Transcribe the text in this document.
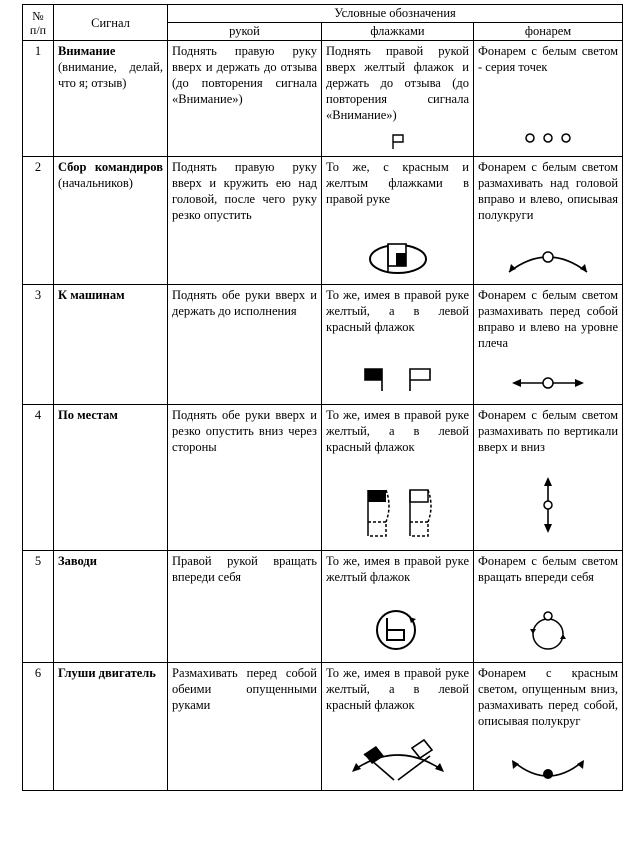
№ п/п	Сигнал	Условные обозначения		
		рукой	флажками	фонарем
1	Внимание (внимание, делай, что я; отзыв)	Поднять правую руку вверх и держать до отзыва (до повторения сигнала «Внимание»)	Поднять правой рукой вверх желтый флажок и держать до отзыва (до повторения сигнала «Внимание»)	Фонарем с белым светом - серия точек

2	Сбор командиров (начальников)	Поднять правую руку вверх и кружить ею над головой, после чего руку резко опустить	То же, с красным и желтым флажками в правой руке	Фонарем с белым светом размахивать над головой вправо и влево, описывая полукруги

3	К машинам	Поднять обе руки вверх и держать до исполнения	То же, имея в правой руке желтый, а в левой красный флажок	Фонарем с белым светом размахивать перед собой вправо и влево на уровне плеча

4	По местам	Поднять обе руки вверх и резко опустить вниз через стороны	То же, имея в правой руке желтый, а в левой красный флажок	Фонарем с белым светом размахивать по вертикали вверх и вниз

5	Заводи	Правой рукой вращать впереди себя	То же, имея в правой руке желтый флажок	Фонарем с белым светом вращать впереди себя

6	Глуши двигатель	Размахивать перед собой обеими опущенными руками	То же, имея в правой руке желтый, а в левой красный флажок	Фонарем с красным светом, опущенным вниз, размахивать перед собой, описывая полукруг
